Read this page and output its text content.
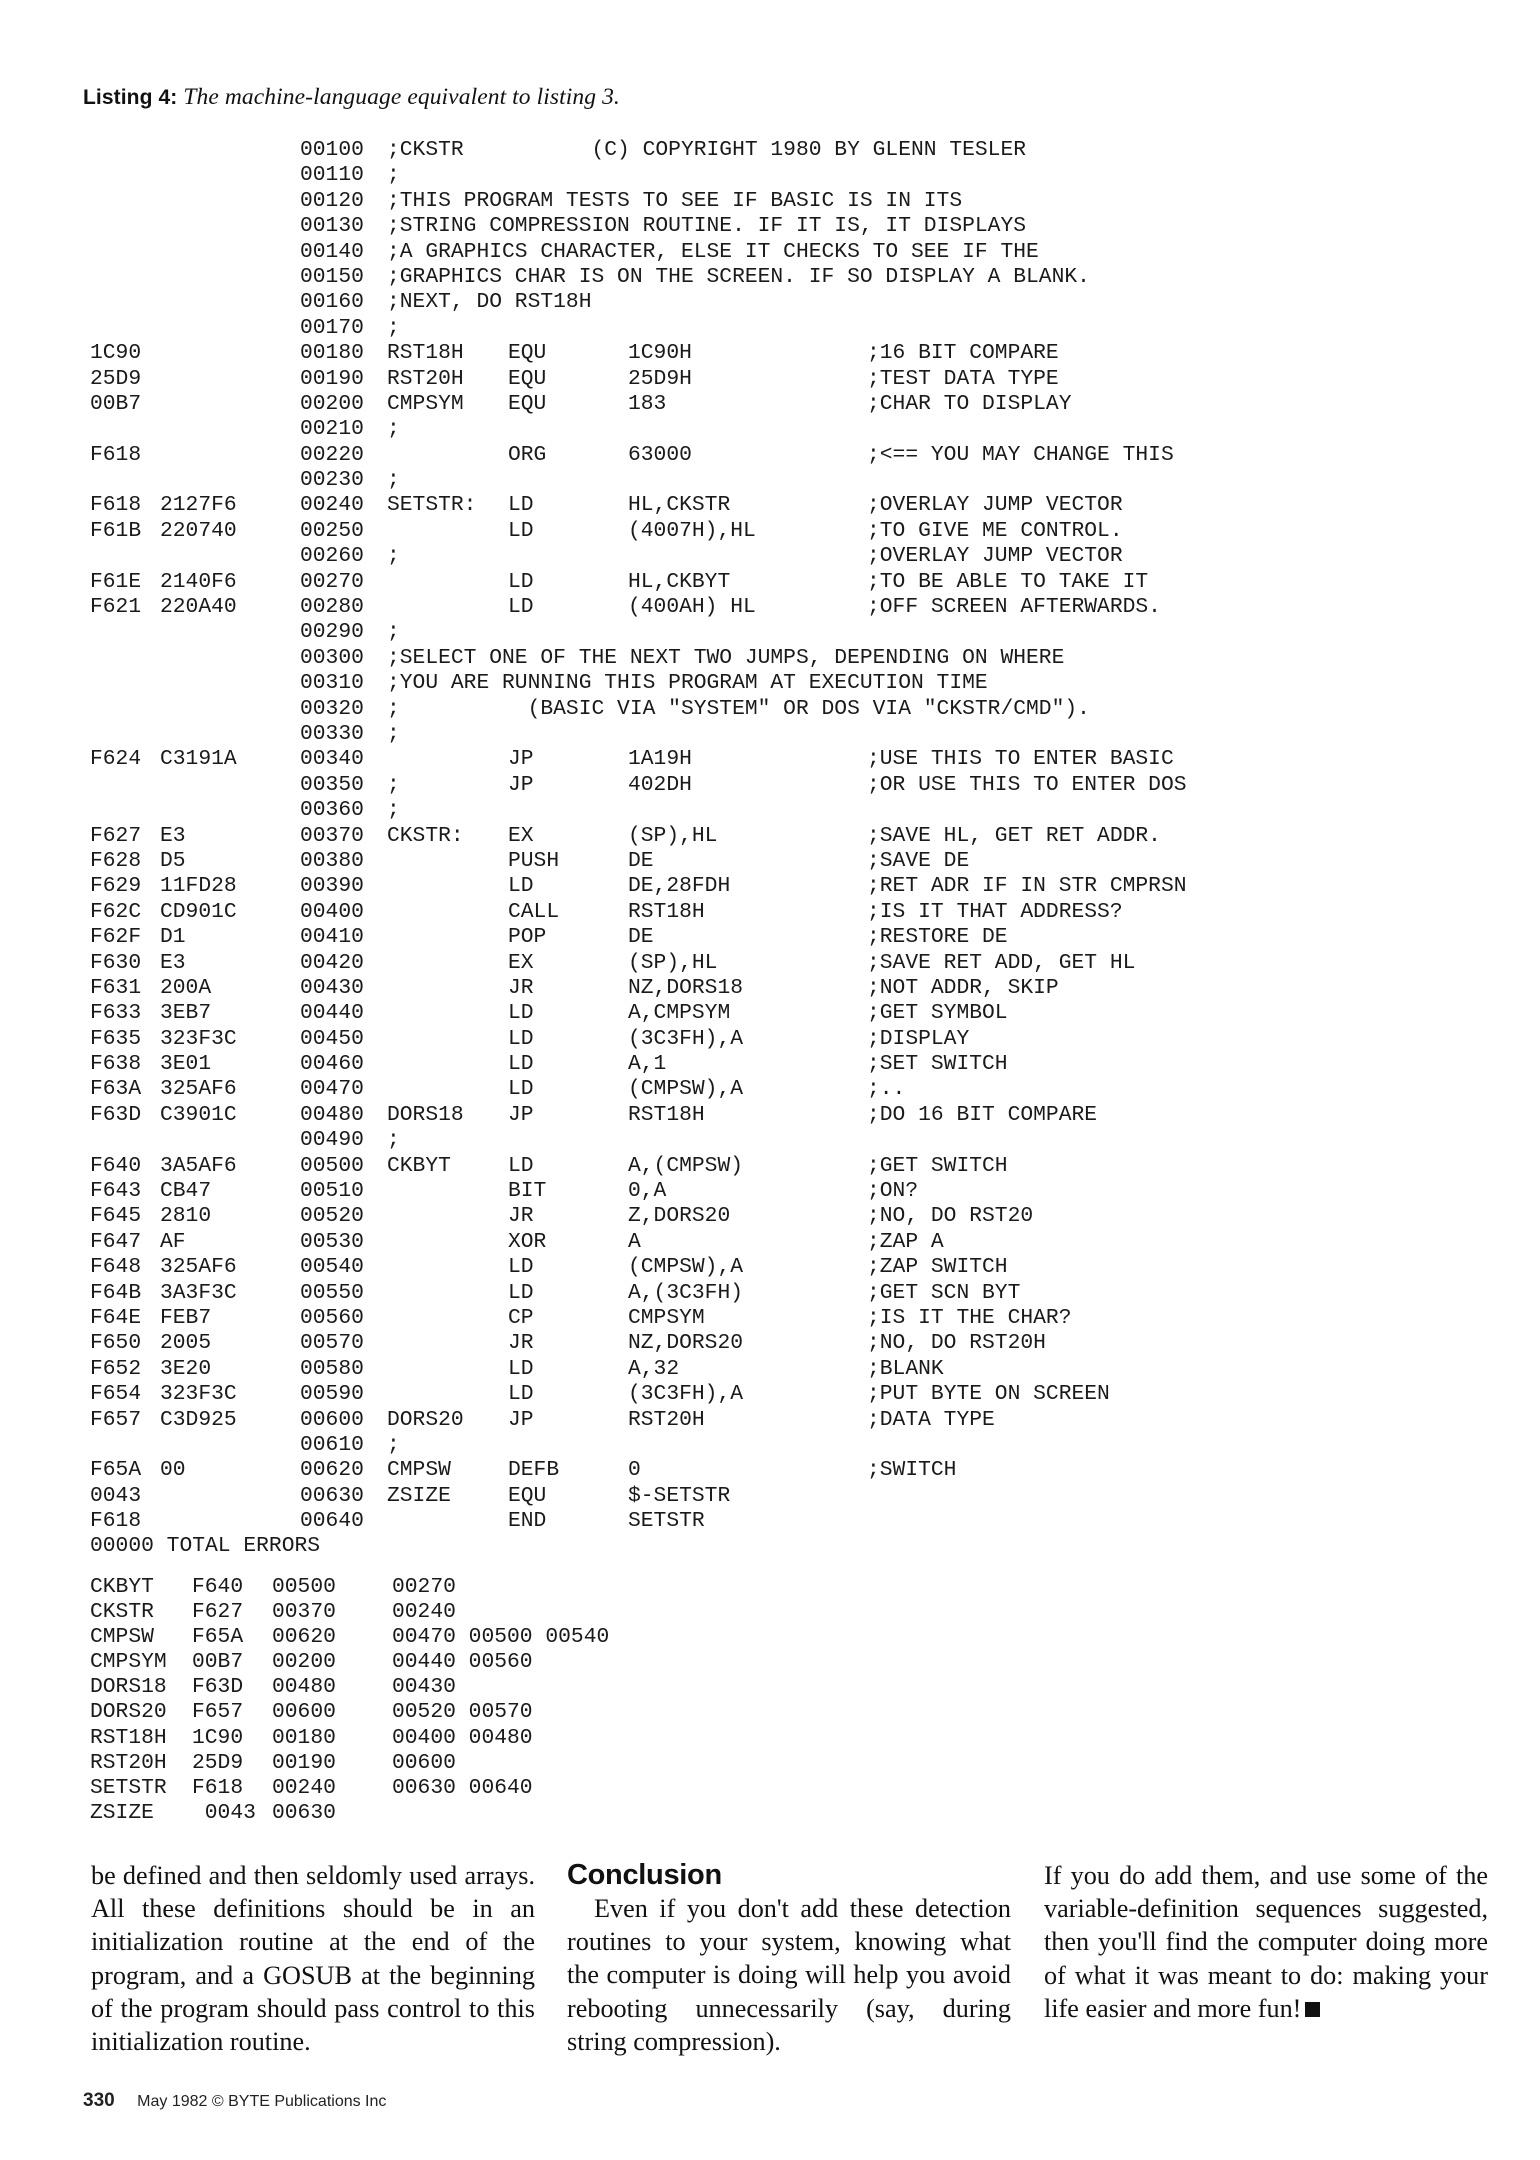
Listing 4: The machine-language equivalent to listing 3.
00100 ;CKSTR          (C) COPYRIGHT 1980 BY GLENN TESLER
00110 ;
00120 ;THIS PROGRAM TESTS TO SEE IF BASIC IS IN ITS
00130 ;STRING COMPRESSION ROUTINE. IF IT IS, IT DISPLAYS
00140 ;A GRAPHICS CHARACTER, ELSE IT CHECKS TO SEE IF THE
00150 ;GRAPHICS CHAR IS ON THE SCREEN. IF SO DISPLAY A BLANK.
00160 ;NEXT, DO RST18H
00170 ;
1C90	00180 RST18H EQU	1C90H	;16 BIT COMPARE
25D9	00190 RST20H EQU	25D9H	;TEST DATA TYPE
00B7	00200 CMPSYM EQU	183	;CHAR TO DISPLAY
00210 ;
F618	00220	ORG	63000	;<== YOU MAY CHANGE THIS
00230 ;
F618 2127F6	00240 SETSTR: LD	HL,CKSTR	;OVERLAY JUMP VECTOR
F61B 220740	00250	LD	(4007H),HL	;TO GIVE ME CONTROL.
00260 ;	;OVERLAY JUMP VECTOR
F61E 2140F6	00270	LD	HL,CKBYT	;TO BE ABLE TO TAKE IT
F621 220A40	00280	LD	(400AH) HL	;OFF SCREEN AFTERWARDS.
00290 ;
00300 ;SELECT ONE OF THE NEXT TWO JUMPS, DEPENDING ON WHERE
00310 ;YOU ARE RUNNING THIS PROGRAM AT EXECUTION TIME
00320 ;          (BASIC VIA "SYSTEM" OR DOS VIA "CKSTR/CMD").
00330 ;
F624 C3191A	00340	JP	1A19H	;USE THIS TO ENTER BASIC
00350 ;	JP	402DH	;OR USE THIS TO ENTER DOS
00360 ;
F627 E3	00370 CKSTR: EX	(SP),HL	;SAVE HL, GET RET ADDR.
F628 D5	00380	PUSH	DE	;SAVE DE
F629 11FD28	00390	LD	DE,28FDH	;RET ADR IF IN STR CMPRSN
F62C CD901C	00400	CALL	RST18H	;IS IT THAT ADDRESS?
F62F D1	00410	POP	DE	;RESTORE DE
F630 E3	00420	EX	(SP),HL	;SAVE RET ADD, GET HL
F631 200A	00430	JR	NZ,DORS18	;NOT ADDR, SKIP
F633 3EB7	00440	LD	A,CMPSYM	;GET SYMBOL
F635 323F3C	00450	LD	(3C3FH),A	;DISPLAY
F638 3E01	00460	LD	A,1	;SET SWITCH
F63A 325AF6	00470	LD	(CMPSW),A	;..
F63D C3901C	00480 DORS18 JP	RST18H	;DO 16 BIT COMPARE
00490 ;
F640 3A5AF6	00500 CKBYT	LD	A,(CMPSW)	;GET SWITCH
F643 CB47	00510	BIT	0,A	;ON?
F645 2810	00520	JR	Z,DORS20	;NO, DO RST20
F647 AF	00530	XOR	A	;ZAP A
F648 325AF6	00540	LD	(CMPSW),A	;ZAP SWITCH
F64B 3A3F3C	00550	LD	A,(3C3FH)	;GET SCN BYT
F64E FEB7	00560	CP	CMPSYM	;IS IT THE CHAR?
F650 2005	00570	JR	NZ,DORS20	;NO, DO RST20H
F652 3E20	00580	LD	A,32	;BLANK
F654 323F3C	00590	LD	(3C3FH),A	;PUT BYTE ON SCREEN
F657 C3D925	00600 DORS20 JP	RST20H	;DATA TYPE
00610 ;
F65A 00	00620 CMPSW	DEFB	0	;SWITCH
0043	00630 ZSIZE	EQU	$-SETSTR
F618	00640	END	SETSTR
00000 TOTAL ERRORS
CKBYT F640 00500	00270
CKSTR F627 00370	00240
CMPSW F65A 00620	00470 00500 00540
CMPSYM 00B7 00200	00440 00560
DORS18 F63D 00480	00430
DORS20 F657 00600	00520 00570
RST18H 1C90 00180	00400 00480
RST20H 25D9 00190	00600
SETSTR F618 00240	00630 00640
ZSIZE 0043 00630

be defined and then seldomly used arrays. All these definitions should be in an initialization routine at the end of the program, and a GOSUB at the beginning of the program should pass control to this initialization routine.

Conclusion

Even if you don't add these detection routines to your system, knowing what the computer is doing will help you avoid rebooting unnecessarily (say, during string compression).

If you do add them, and use some of the variable-definition sequences suggested, then you'll find the computer doing more of what it was meant to do: making your life easier and more fun!

330 May 1982 © BYTE Publications Inc
